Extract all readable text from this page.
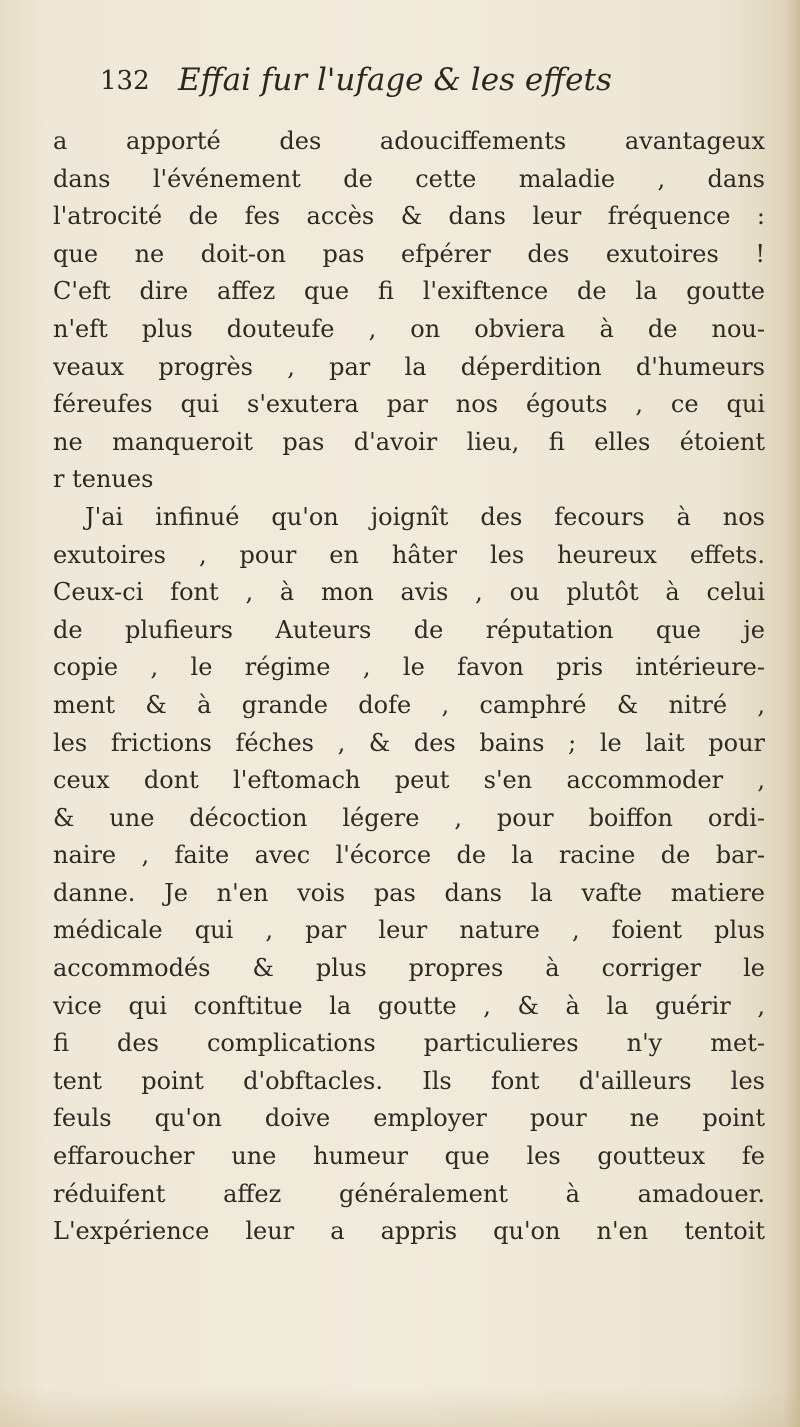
132 Effai fur l'ufage & les effets
a apporté des adouciffements avantageux
dans l'événement de cette maladie , dans
l'atrocité de fes accès & dans leur fréquence :
que ne doit-on pas efpérer des exutoires !
C'eft dire affez que fi l'exiftence de la goutte
n'eft plus douteufe , on obviera à de nou-
veaux progrès , par la déperdition d'humeurs
féreufes qui s'exutera par nos égouts , ce qui
ne manqueroit pas d'avoir lieu, fi elles étoient
r tenues
J'ai infinué qu'on joignît des fecours à nos
exutoires , pour en hâter les heureux effets.
Ceux-ci font , à mon avis , ou plutôt à celui
de plufieurs Auteurs de réputation que je
copie , le régime , le favon pris intérieure-
ment & à grande dofe , camphré & nitré ,
les frictions féches , & des bains ; le lait pour
ceux dont l'eftomach peut s'en accommoder ,
& une décoction légere , pour boiffon ordi-
naire , faite avec l'écorce de la racine de bar-
danne. Je n'en vois pas dans la vafte matiere
médicale qui , par leur nature , foient plus
accommodés & plus propres à corriger le
vice qui conftitue la goutte , & à la guérir ,
fi des complications particulieres n'y met-
tent point d'obftacles. Ils font d'ailleurs les
feuls qu'on doive employer pour ne point
effaroucher une humeur que les goutteux fe
réduifent affez généralement à amadouer.
L'expérience leur a appris qu'on n'en tentoit
